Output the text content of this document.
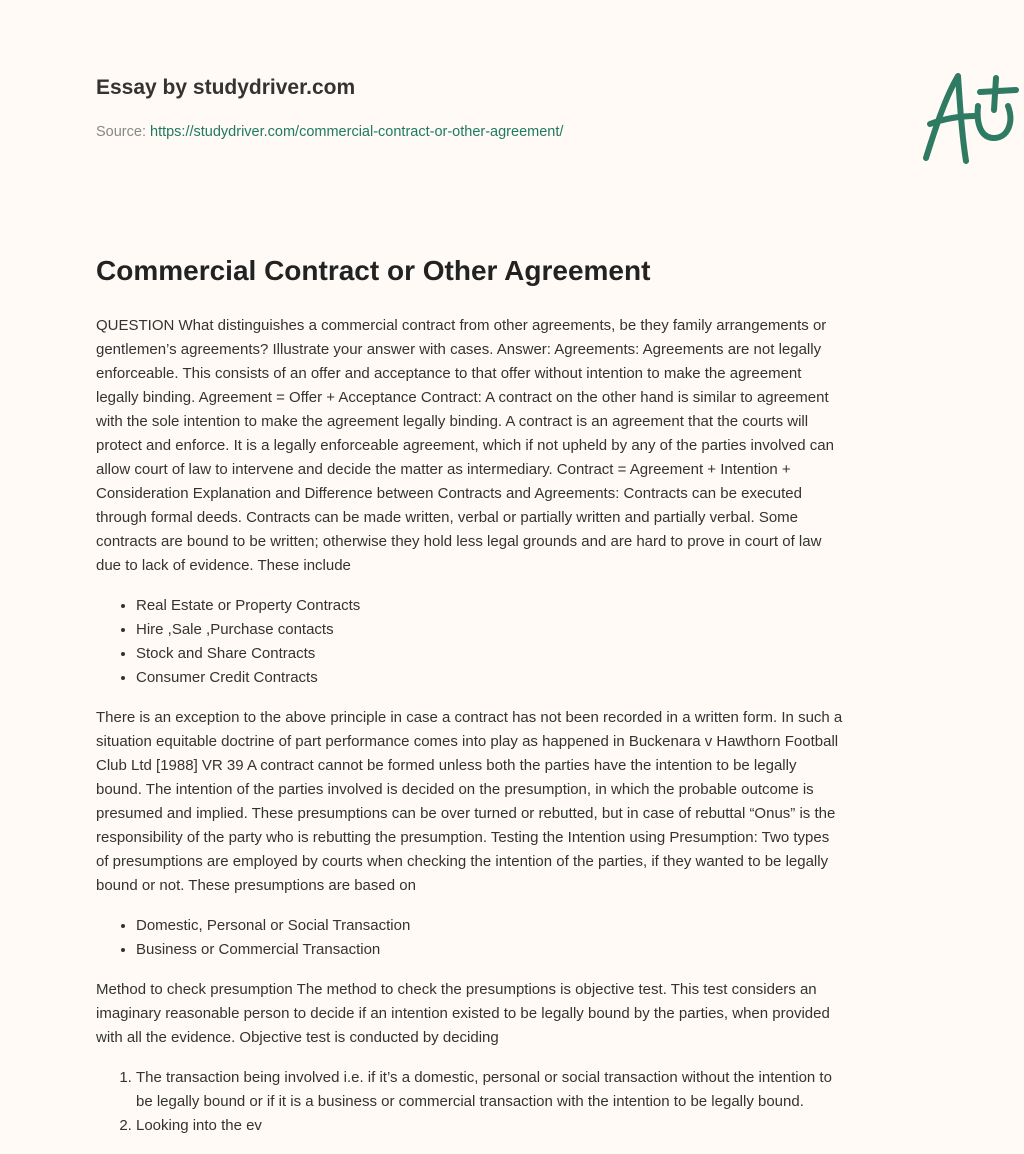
Essay by studydriver.com
Source: https://studydriver.com/commercial-contract-or-other-agreement/
Commercial Contract or Other Agreement

QUESTION What distinguishes a commercial contract from other agreements, be they family arrangements or
gentlemen’s agreements? Illustrate your answer with cases. Answer: Agreements: Agreements are not legally
enforceable. This consists of an offer and acceptance to that offer without intention to make the agreement
legally binding. Agreement = Offer + Acceptance Contract: A contract on the other hand is similar to agreement
with the sole intention to make the agreement legally binding. A contract is an agreement that the courts will
protect and enforce. It is a legally enforceable agreement, which if not upheld by any of the parties involved can
allow court of law to intervene and decide the matter as intermediary. Contract = Agreement + Intention +
Consideration Explanation and Difference between Contracts and Agreements: Contracts can be executed
through formal deeds. Contracts can be made written, verbal or partially written and partially verbal. Some
contracts are bound to be written; otherwise they hold less legal grounds and are hard to prove in court of law
due to lack of evidence. These include

• Real Estate or Property Contracts
• Hire ,Sale ,Purchase contacts
• Stock and Share Contracts
• Consumer Credit Contracts

There is an exception to the above principle in case a contract has not been recorded in a written form. In such a
situation equitable doctrine of part performance comes into play as happened in Buckenara v Hawthorn Football
Club Ltd [1988] VR 39 A contract cannot be formed unless both the parties have the intention to be legally
bound. The intention of the parties involved is decided on the presumption, in which the probable outcome is
presumed and implied. These presumptions can be over turned or rebutted, but in case of rebuttal “Onus” is the
responsibility of the party who is rebutting the presumption. Testing the Intention using Presumption: Two types
of presumptions are employed by courts when checking the intention of the parties, if they wanted to be legally
bound or not. These presumptions are based on

• Domestic, Personal or Social Transaction
• Business or Commercial Transaction

Method to check presumption The method to check the presumptions is objective test. This test considers an
imaginary reasonable person to decide if an intention existed to be legally bound by the parties, when provided
with all the evidence. Objective test is conducted by deciding

1. The transaction being involved i.e. if it’s a domestic, personal or social transaction without the intention to
be legally bound or if it is a business or commercial transaction with the intention to be legally bound.
2. Looking into the ev
